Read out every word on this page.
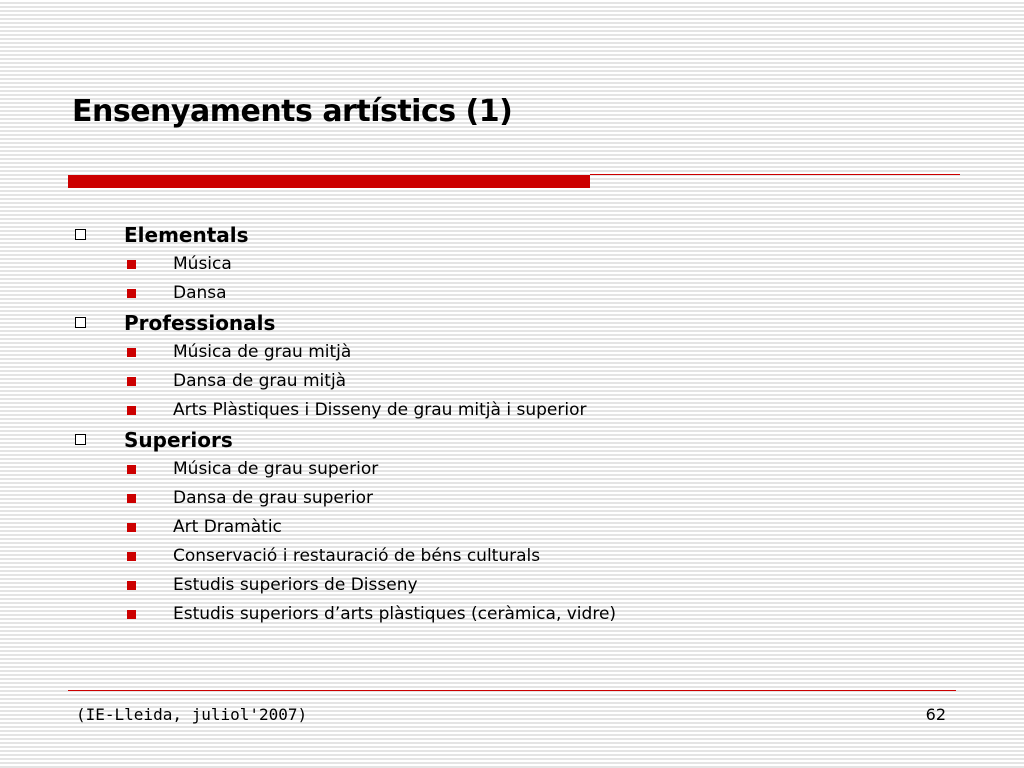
Ensenyaments artístics (1)
Elementals
Música
Dansa
Professionals
Música de grau mitjà
Dansa de grau mitjà
Arts Plàstiques i Disseny de grau mitjà i superior
Superiors
Música de grau superior
Dansa de grau superior
Art Dramàtic
Conservació i restauració de béns culturals
Estudis superiors de Disseny
Estudis superiors d’arts plàstiques (ceràmica, vidre)
(IE-Lleida, juliol'2007)	62
